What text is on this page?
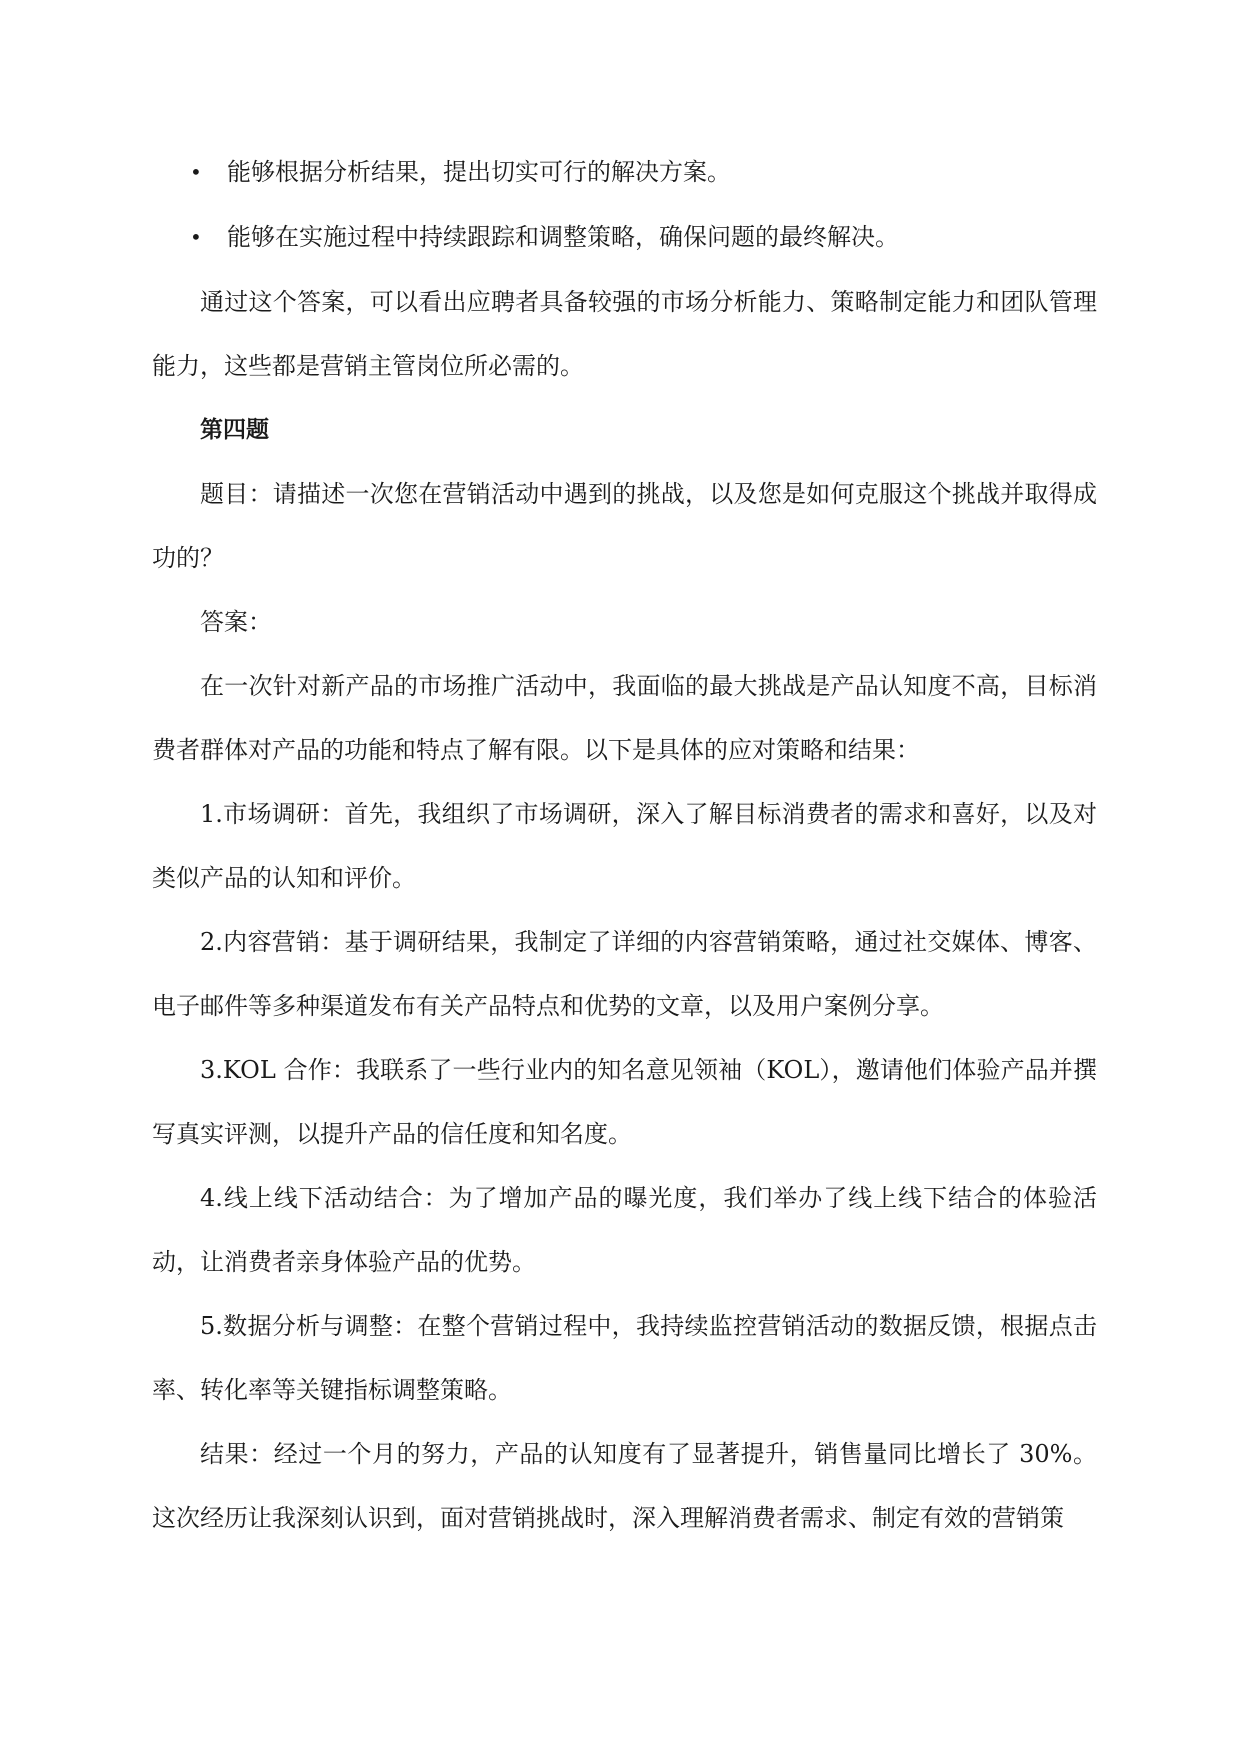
• 能够根据分析结果，提出切实可行的解决方案。
• 能够在实施过程中持续跟踪和调整策略，确保问题的最终解决。

通过这个答案，可以看出应聘者具备较强的市场分析能力、策略制定能力和团队管理能力，这些都是营销主管岗位所必需的。

第四题

题目：请描述一次您在营销活动中遇到的挑战，以及您是如何克服这个挑战并取得成功的？

答案：

在一次针对新产品的市场推广活动中，我面临的最大挑战是产品认知度不高，目标消费者群体对产品的功能和特点了解有限。以下是具体的应对策略和结果：

1.市场调研：首先，我组织了市场调研，深入了解目标消费者的需求和喜好，以及对类似产品的认知和评价。

2.内容营销：基于调研结果，我制定了详细的内容营销策略，通过社交媒体、博客、电子邮件等多种渠道发布有关产品特点和优势的文章，以及用户案例分享。

3.KOL 合作：我联系了一些行业内的知名意见领袖（KOL），邀请他们体验产品并撰写真实评测，以提升产品的信任度和知名度。

4.线上线下活动结合：为了增加产品的曝光度，我们举办了线上线下结合的体验活动，让消费者亲身体验产品的优势。

5.数据分析与调整：在整个营销过程中，我持续监控营销活动的数据反馈，根据点击率、转化率等关键指标调整策略。

结果：经过一个月的努力，产品的认知度有了显著提升，销售量同比增长了 30%。这次经历让我深刻认识到，面对营销挑战时，深入理解消费者需求、制定有效的营销策
